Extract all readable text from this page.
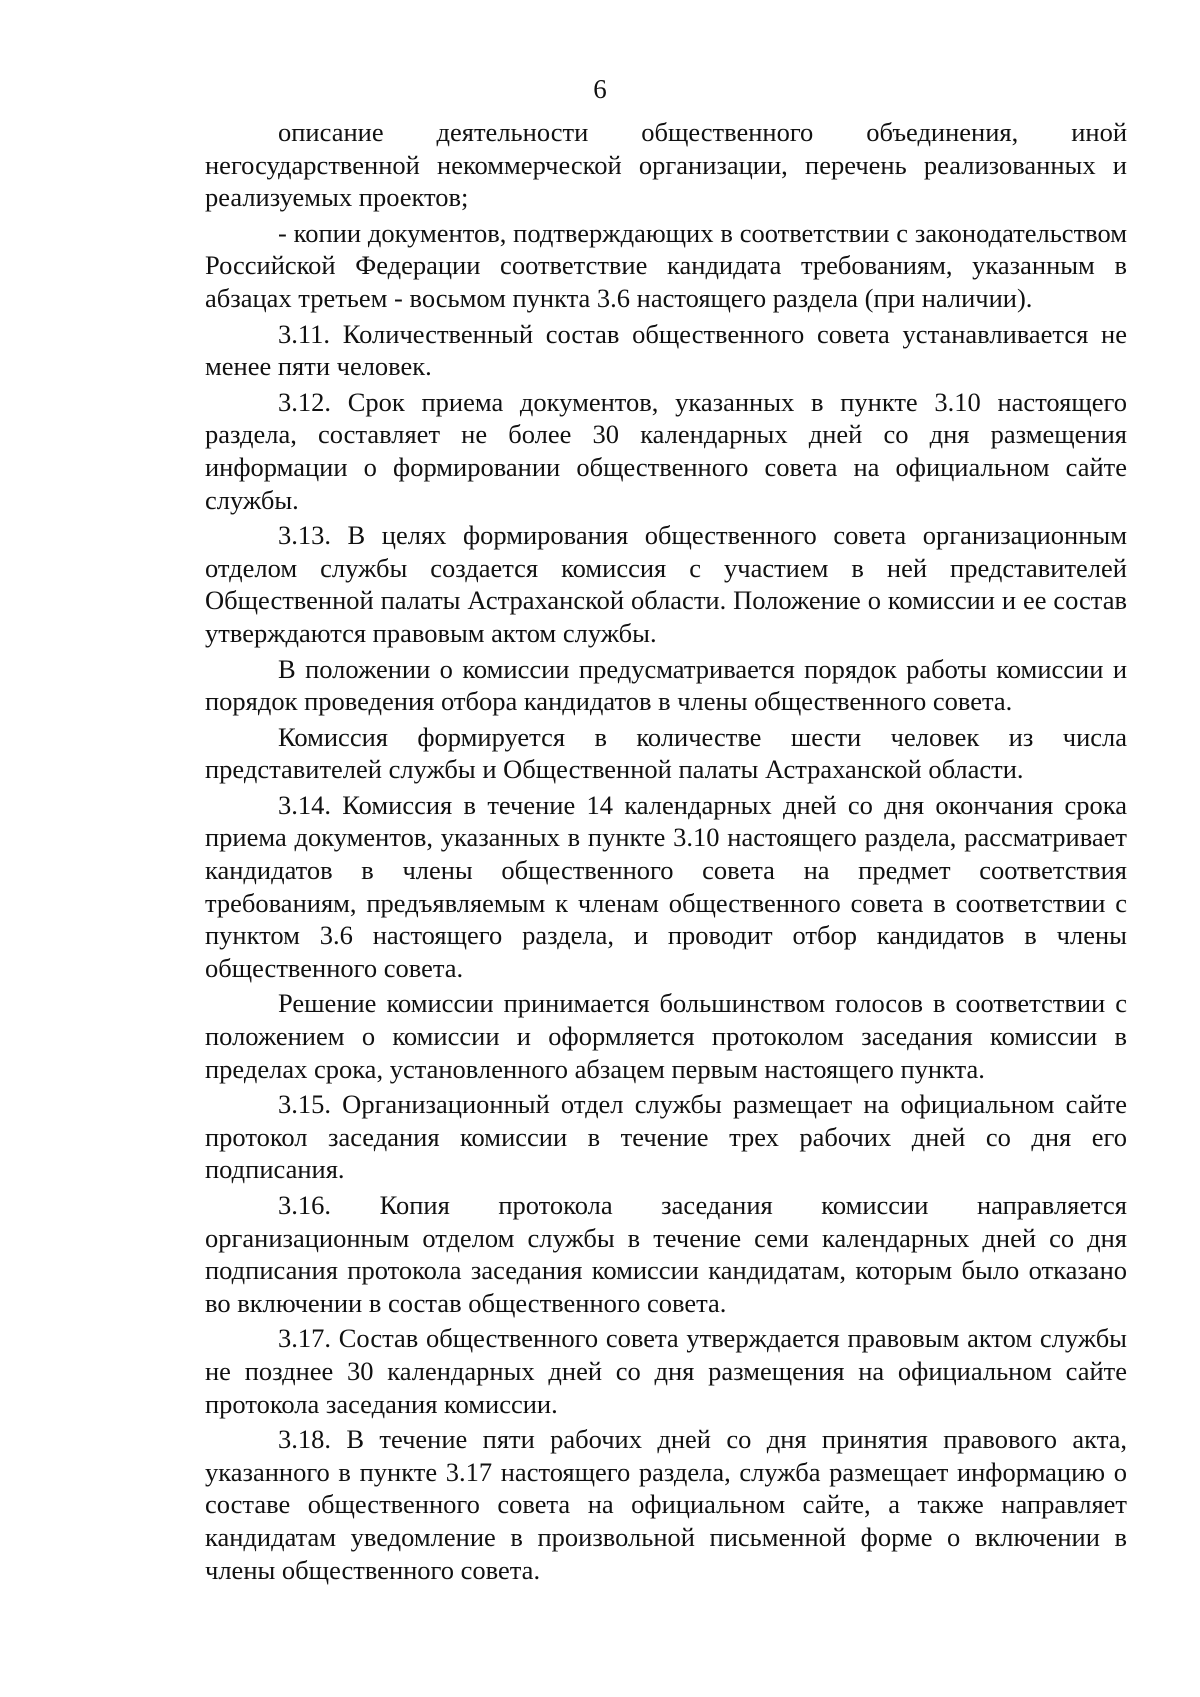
6

описание деятельности общественного объединения, иной негосударственной некоммерческой организации, перечень реализованных и реализуемых проектов;

- копии документов, подтверждающих в соответствии с законодательством Российской Федерации соответствие кандидата требованиям, указанным в абзацах третьем - восьмом пункта 3.6 настоящего раздела (при наличии).

3.11. Количественный состав общественного совета устанавливается не менее пяти человек.

3.12. Срок приема документов, указанных в пункте 3.10 настоящего раздела, составляет не более 30 календарных дней со дня размещения информации о формировании общественного совета на официальном сайте службы.

3.13. В целях формирования общественного совета организационным отделом службы создается комиссия с участием в ней представителей Общественной палаты Астраханской области. Положение о комиссии и ее состав утверждаются правовым актом службы.

В положении о комиссии предусматривается порядок работы комиссии и порядок проведения отбора кандидатов в члены общественного совета.

Комиссия формируется в количестве шести человек из числа представителей службы и Общественной палаты Астраханской области.

3.14. Комиссия в течение 14 календарных дней со дня окончания срока приема документов, указанных в пункте 3.10 настоящего раздела, рассматривает кандидатов в члены общественного совета на предмет соответствия требованиям, предъявляемым к членам общественного совета в соответствии с пунктом 3.6 настоящего раздела, и проводит отбор кандидатов в члены общественного совета.

Решение комиссии принимается большинством голосов в соответствии с положением о комиссии и оформляется протоколом заседания комиссии в пределах срока, установленного абзацем первым настоящего пункта.

3.15. Организационный отдел службы размещает на официальном сайте протокол заседания комиссии в течение трех рабочих дней со дня его подписания.

3.16. Копия протокола заседания комиссии направляется организационным отделом службы в течение семи календарных дней со дня подписания протокола заседания комиссии кандидатам, которым было отказано во включении в состав общественного совета.

3.17. Состав общественного совета утверждается правовым актом службы не позднее 30 календарных дней со дня размещения на официальном сайте протокола заседания комиссии.

3.18. В течение пяти рабочих дней со дня принятия правового акта, указанного в пункте 3.17 настоящего раздела, служба размещает информацию о составе общественного совета на официальном сайте, а также направляет кандидатам уведомление в произвольной письменной форме о включении в члены общественного совета.
